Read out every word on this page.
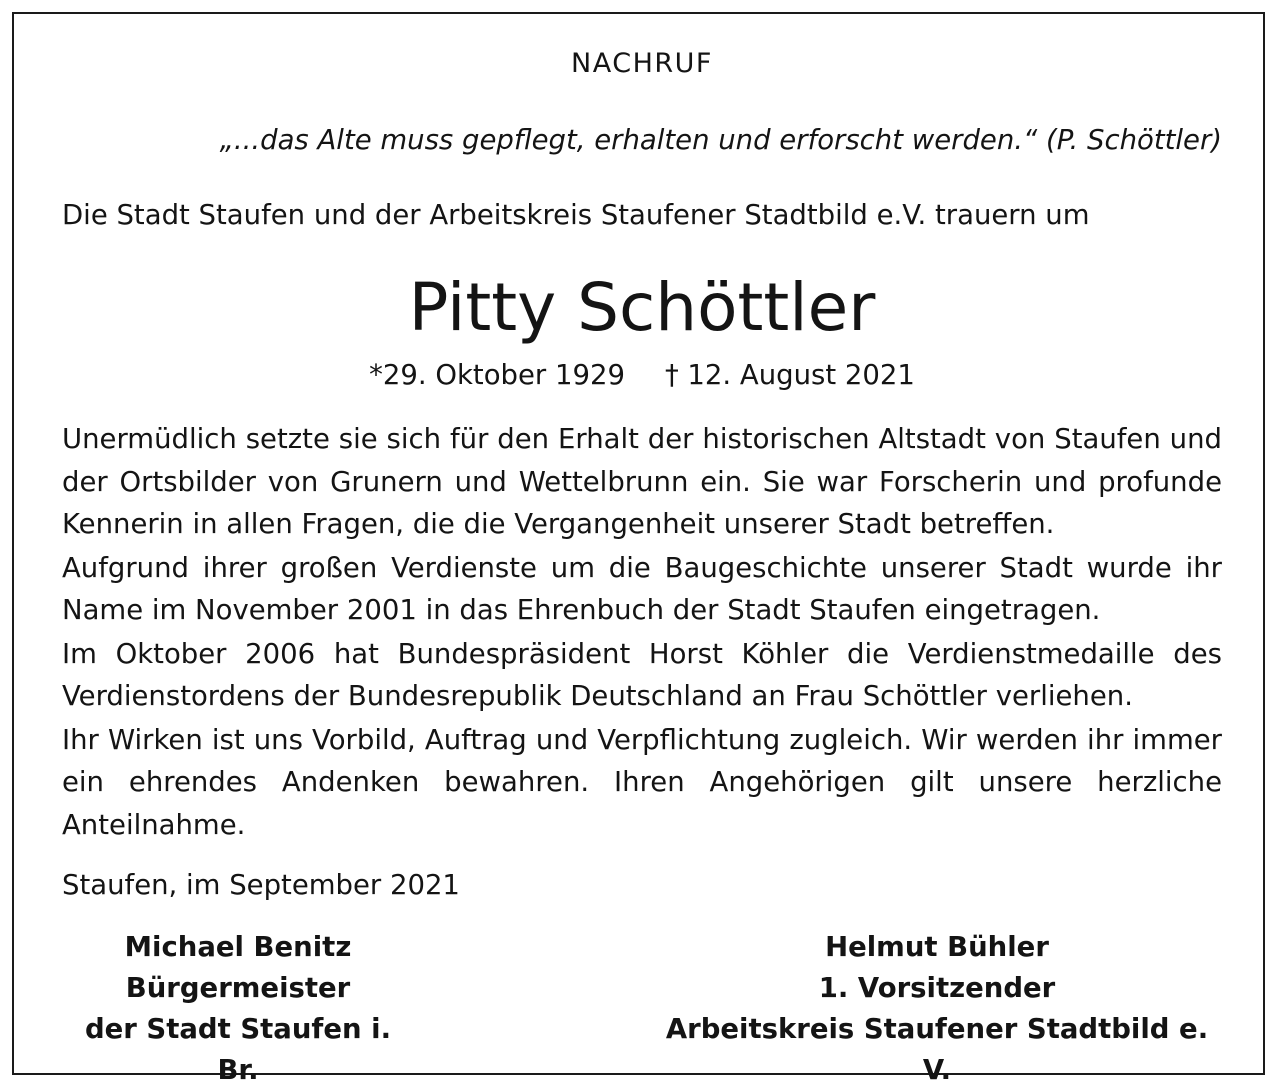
NACHRUF
„...das Alte muss gepflegt, erhalten und erforscht werden.“ (P. Schöttler)
Die Stadt Staufen und der Arbeitskreis Staufener Stadtbild e.V. trauern um
Pitty Schöttler
*29. Oktober 1929 † 12. August 2021

Unermüdlich setzte sie sich für den Erhalt der historischen Altstadt von Staufen und der Ortsbilder von Grunern und Wettelbrunn ein. Sie war Forscherin und profunde Kennerin in allen Fragen, die die Vergangenheit unserer Stadt betreffen.

Aufgrund ihrer großen Verdienste um die Baugeschichte unserer Stadt wurde ihr Name im November 2001 in das Ehrenbuch der Stadt Staufen eingetragen.

Im Oktober 2006 hat Bundespräsident Horst Köhler die Verdienstmedaille des Verdienstordens der Bundesrepublik Deutschland an Frau Schöttler verliehen.

Ihr Wirken ist uns Vorbild, Auftrag und Verpflichtung zugleich. Wir werden ihr immer ein ehrendes Andenken bewahren. Ihren Angehörigen gilt unsere herzliche Anteilnahme.

Staufen, im September 2021
Michael Benitz
Bürgermeister
der Stadt Staufen i. Br.
Helmut Bühler
1. Vorsitzender
Arbeitskreis Staufener Stadtbild e. V.
